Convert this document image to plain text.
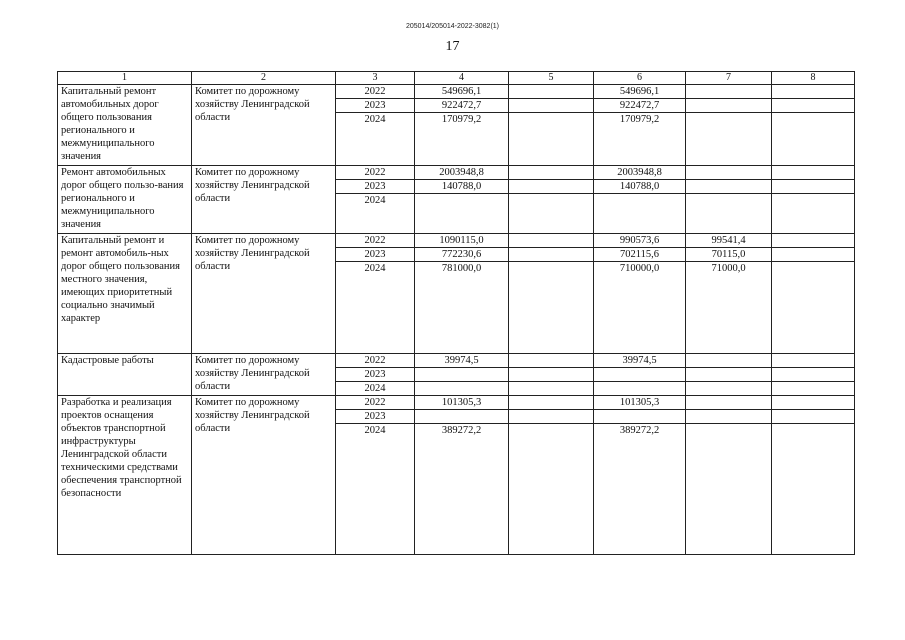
205014/205014-2022-3082(1)
17
1	2	3	4	5	6	7	8
Капитальный ремонт автомобильных дорог общего пользования регионального и межмуниципального значения	Комитет по дорожному хозяйству Ленинградской области	2022	549696,1		549696,1		
		2023	922472,7		922472,7		
		2024	170979,2		170979,2		
Ремонт автомобильных дорог общего пользо-вания регионального и межмуниципального значения	Комитет по дорожному хозяйству Ленинградской области	2022	2003948,8		2003948,8		
		2023	140788,0		140788,0		
		2024					
Капитальный ремонт и ремонт автомобиль-ных дорог общего пользования местного значения, имеющих приоритетный социально значимый характер	Комитет по дорожному хозяйству Ленинградской области	2022	1090115,0		990573,6	99541,4	
		2023	772230,6		702115,6	70115,0	
		2024	781000,0		710000,0	71000,0	
Кадастровые работы	Комитет по дорожному хозяйству Ленинградской области	2022	39974,5		39974,5		
		2023					
		2024					
Разработка и реализация проектов оснащения объектов транспортной инфраструктуры Ленинградской области техническими средствами обеспечения транспортной безопасности	Комитет по дорожному хозяйству Ленинградской области	2022	101305,3		101305,3		
		2023					
		2024	389272,2		389272,2		
